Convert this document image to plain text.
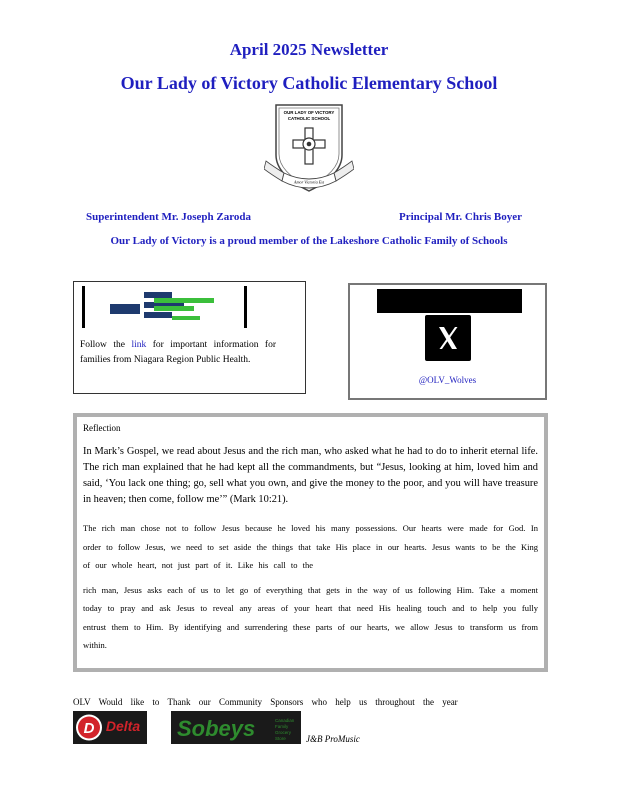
April 2025 Newsletter
Our Lady of Victory Catholic Elementary School
OUR LADY OF VICTORY
CATHOLIC SCHOOL
Amor Victoria Est
Superintendent Mr. Joseph Zaroda	Principal Mr. Chris Boyer
Our Lady of Victory is a proud member of the Lakeshore Catholic Family of Schools
Follow the link for important information for families from Niagara Region Public Health.
@OLV_Wolves

Reflection

In Mark’s Gospel, we read about Jesus and the rich man, who asked what he had to do to inherit eternal life. The rich man explained that he had kept all the commandments, but “Jesus, looking at him, loved him and said, ‘You lack one thing; go, sell what you own, and give the money to the poor, and you will have treasure in heaven; then come, follow me’” (Mark 10:21).

The rich man chose not to follow Jesus because he loved his many possessions. Our hearts were made for God. In order to follow Jesus, we need to set aside the things that take His place in our hearts. Jesus wants to be the King of our whole heart, not just part of it. Like his call to the

rich man, Jesus asks each of us to let go of everything that gets in the way of us following Him. Take a moment today to pray and ask Jesus to reveal any areas of your heart that need His healing touch and to help you fully entrust them to Him. By identifying and surrendering these parts of our hearts, we allow Jesus to transform us from within.

OLV Would like to Thank our Community Sponsors who help us throughout the year
D Delta Sobeys	Canadian
Family
Grocery
Store J&B ProMusic
